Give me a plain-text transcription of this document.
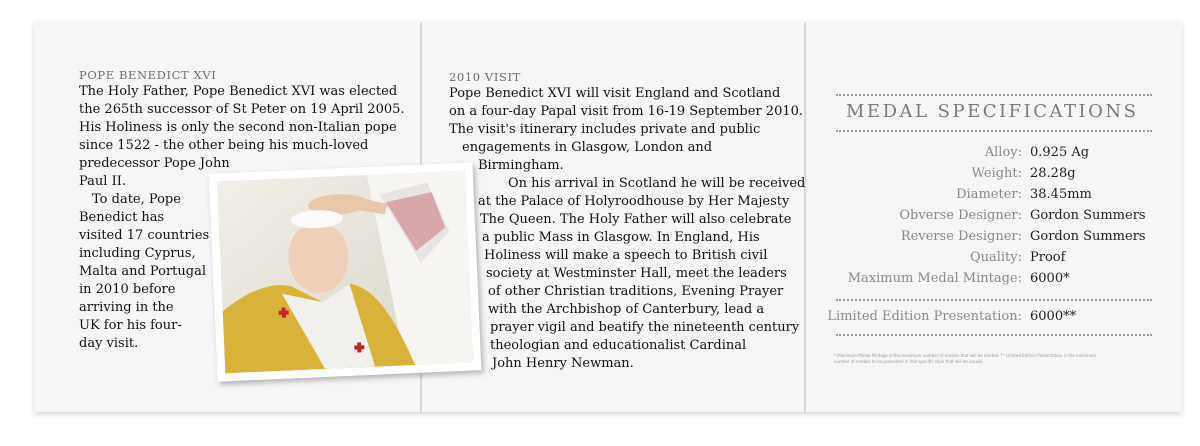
POPE BENEDICT XVI
The Holy Father, Pope Benedict XVI was elected
the 265th successor of St Peter on 19 April 2005.
His Holiness is only the second non-Italian pope
since 1522 - the other being his much-loved
predecessor Pope John
Paul II.
To date, Pope
Benedict has
visited 17 countries
including Cyprus,
Malta and Portugal
in 2010 before
arriving in the
UK for his four-
day visit.
2010 VISIT
Pope Benedict XVI will visit England and Scotland
on a four-day Papal visit from 16-19 September 2010.
The visit's itinerary includes private and public
engagements in Glasgow, London and
Birmingham.
On his arrival in Scotland he will be received
at the Palace of Holyroodhouse by Her Majesty
The Queen. The Holy Father will also celebrate
a public Mass in Glasgow. In England, His
Holiness will make a speech to British civil
society at Westminster Hall, meet the leaders
of other Christian traditions, Evening Prayer
with the Archbishop of Canterbury, lead a
prayer vigil and beatify the nineteenth century
theologian and educationalist Cardinal
John Henry Newman.
MEDAL SPECIFICATIONS
Alloy: 0.925 Ag
Weight: 28.28g
Diameter: 38.45mm
Obverse Designer: Gordon Summers
Reverse Designer: Gordon Summers
Quality: Proof
Maximum Medal Mintage: 6000*
Limited Edition Presentation: 6000**
* Maximum Medal Mintage is the maximum number of medals that will be minted. ** Limited Edition Presentation is the maximum
number of medals to be presented in this specific style that will be issued.
